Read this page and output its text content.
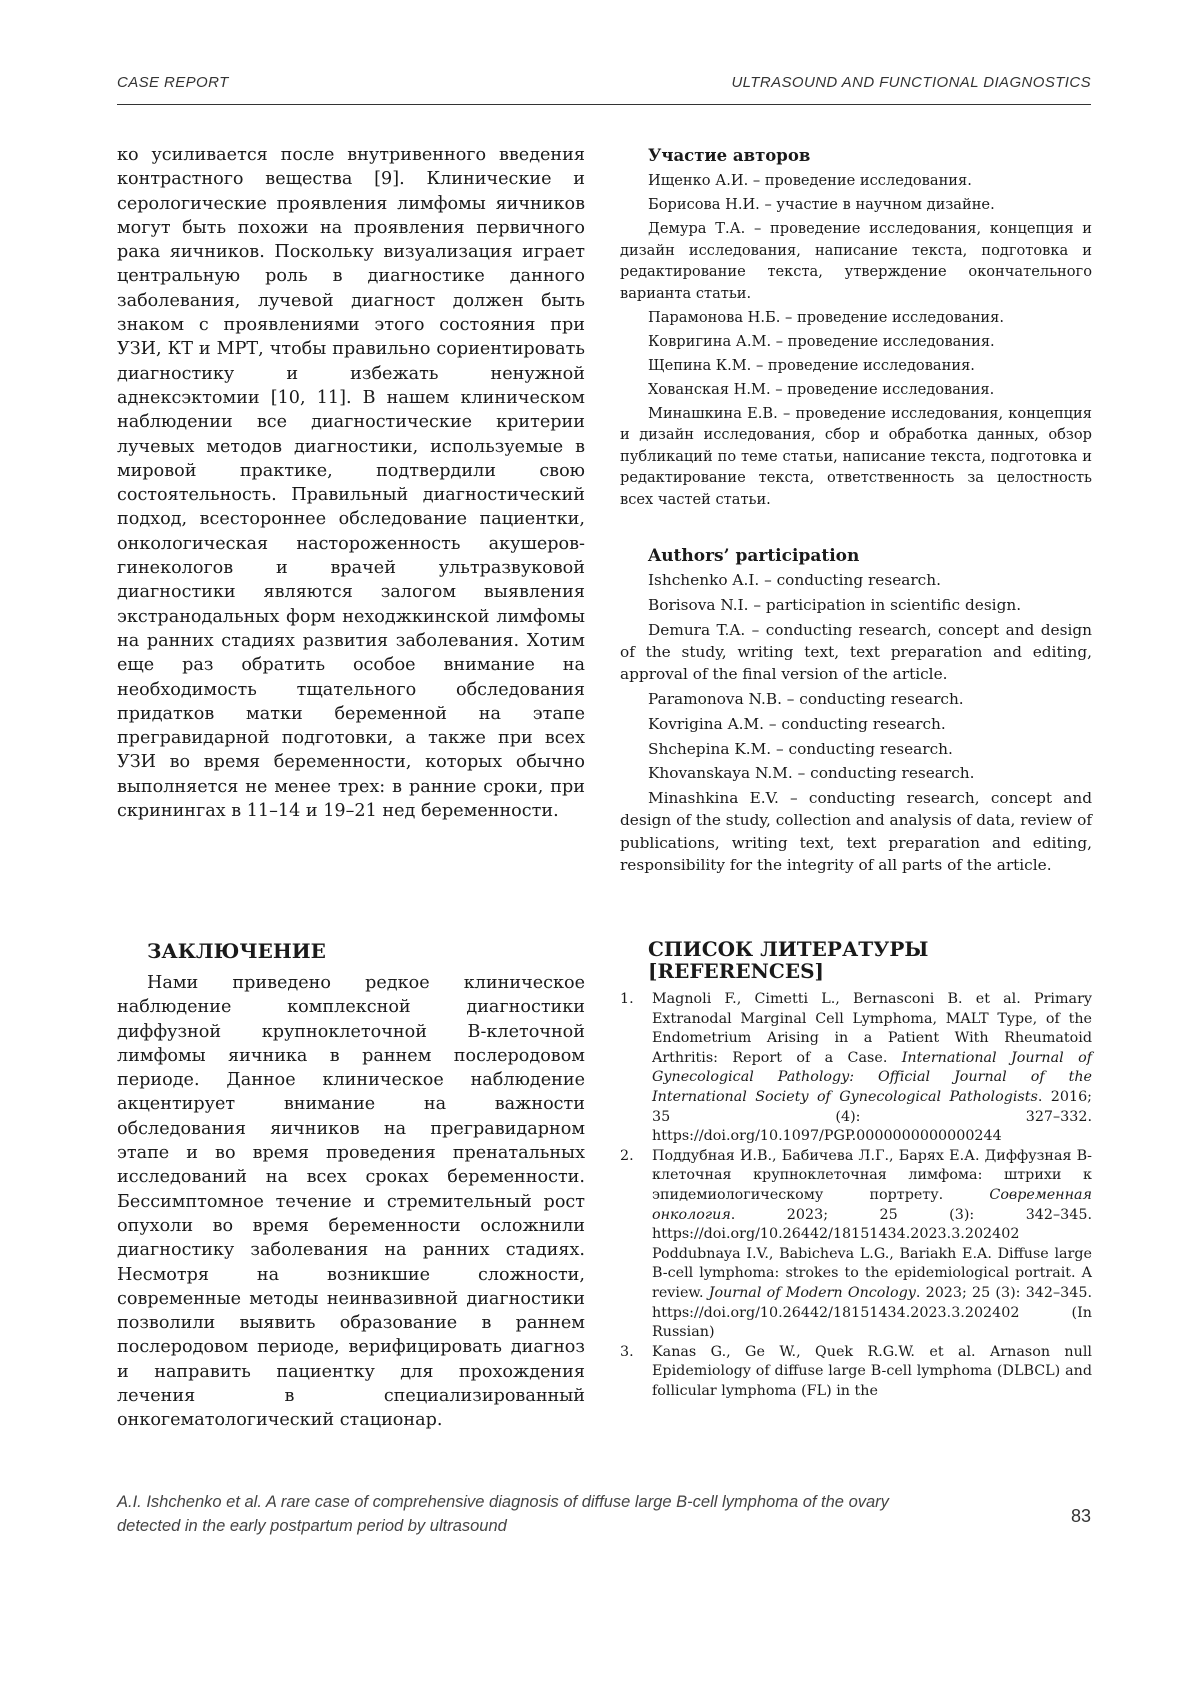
CASE REPORT	ULTRASOUND AND FUNCTIONAL DIAGNOSTICS

ко усиливается после внутривенного введения контрастного вещества [9]. Клинические и серологические проявления лимфомы яичников могут быть похожи на проявления первичного рака яичников. Поскольку визуализация играет центральную роль в диагностике данного заболевания, лучевой диагност должен быть знаком с проявлениями этого состояния при УЗИ, КТ и МРТ, чтобы правильно сориентировать диагностику и избежать ненужной аднексэктомии [10, 11]. В нашем клиническом наблюдении все диагностические критерии лучевых методов диагностики, используемые в мировой практике, подтвердили свою состоятельность. Правильный диагностический подход, всестороннее обследование пациентки, онкологическая настороженность акушеров-гинекологов и врачей ультразвуковой диагностики являются залогом выявления экстранодальных форм неходжкинской лимфомы на ранних стадиях развития заболевания. Хотим еще раз обратить особое внимание на необходимость тщательного обследования придатков матки беременной на этапе прегравидарной подготовки, а также при всех УЗИ во время беременности, которых обычно выполняется не менее трех: в ранние сроки, при скринингах в 11–14 и 19–21 нед беременности.

ЗАКЛЮЧЕНИЕ

Нами приведено редкое клиническое наблюдение комплексной диагностики диффузной крупноклеточной В-клеточной лимфомы яичника в раннем послеродовом периоде. Данное клиническое наблюдение акцентирует внимание на важности обследования яичников на прегравидарном этапе и во время проведения пренатальных исследований на всех сроках беременности. Бессимптомное течение и стремительный рост опухоли во время беременности осложнили диагностику заболевания на ранних стадиях. Несмотря на возникшие сложности, современные методы неинвазивной диагностики позволили выявить образование в раннем послеродовом периоде, верифицировать диагноз и направить пациентку для прохождения лечения в специализированный онкогематологический стационар.

Участие авторов

Ищенко А.И. – проведение исследования.

Борисова Н.И. – участие в научном дизайне.

Демура Т.А. – проведение исследования, концепция и дизайн исследования, написание текста, подготовка и редактирование текста, утверждение окончательного варианта статьи.

Парамонова Н.Б. – проведение исследования.

Ковригина А.М. – проведение исследования.

Щепина К.М. – проведение исследования.

Хованская Н.М. – проведение исследования.

Минашкина Е.В. – проведение исследования, концепция и дизайн исследования, сбор и обработка данных, обзор публикаций по теме статьи, написание текста, подготовка и редактирование текста, ответственность за целостность всех частей статьи.

Authors’ participation

Ishchenko A.I. – conducting research.

Borisova N.I. – participation in scientific design.

Demura T.A. – conducting research, concept and design of the study, writing text, text preparation and editing, approval of the final version of the article.

Paramonova N.B. – conducting research.

Kovrigina A.M. – conducting research.

Shchepina K.M. – conducting research.

Khovanskaya N.M. – conducting research.

Minashkina E.V. – conducting research, concept and design of the study, collection and analysis of data, review of publications, writing text, text preparation and editing, responsibility for the integrity of all parts of the article.

СПИСОК ЛИТЕРАТУРЫ [REFERENCES]
1.	Magnoli F., Cimetti L., Bernasconi B. et al. Primary Extranodal Marginal Cell Lymphoma, MALT Type, of the Endometrium Arising in a Patient With Rheumatoid Arthritis: Report of a Case. International Journal of Gynecological Pathology: Official Journal of the International Society of Gynecological Pathologists. 2016; 35 (4): 327–332. https://doi.org/10.1097/PGP.0000000000000244
2.	Поддубная И.В., Бабичева Л.Г., Барях Е.А. Диффузная В-клеточная крупноклеточная лимфома: штрихи к эпидемиологическому портрету. Современная онкология. 2023; 25 (3): 342–345. https://doi.org/10.26442/18151434.2023.3.202402
Poddubnaya I.V., Babicheva L.G., Bariakh E.A. Diffuse large B-cell lymphoma: strokes to the epidemiological portrait. A review. Journal of Modern Oncology. 2023; 25 (3): 342–345. https://doi.org/10.26442/18151434.2023.3.202402 (In Russian)
3.	Kanas G., Ge W., Quek R.G.W. et al. Arnason null Epidemiology of diffuse large B-cell lymphoma (DLBCL) and follicular lymphoma (FL) in the
A.I. Ishchenko et al. A rare case of comprehensive diagnosis of diffuse large B-cell lymphoma of the ovary detected in the early postpartum period by ultrasound	83
